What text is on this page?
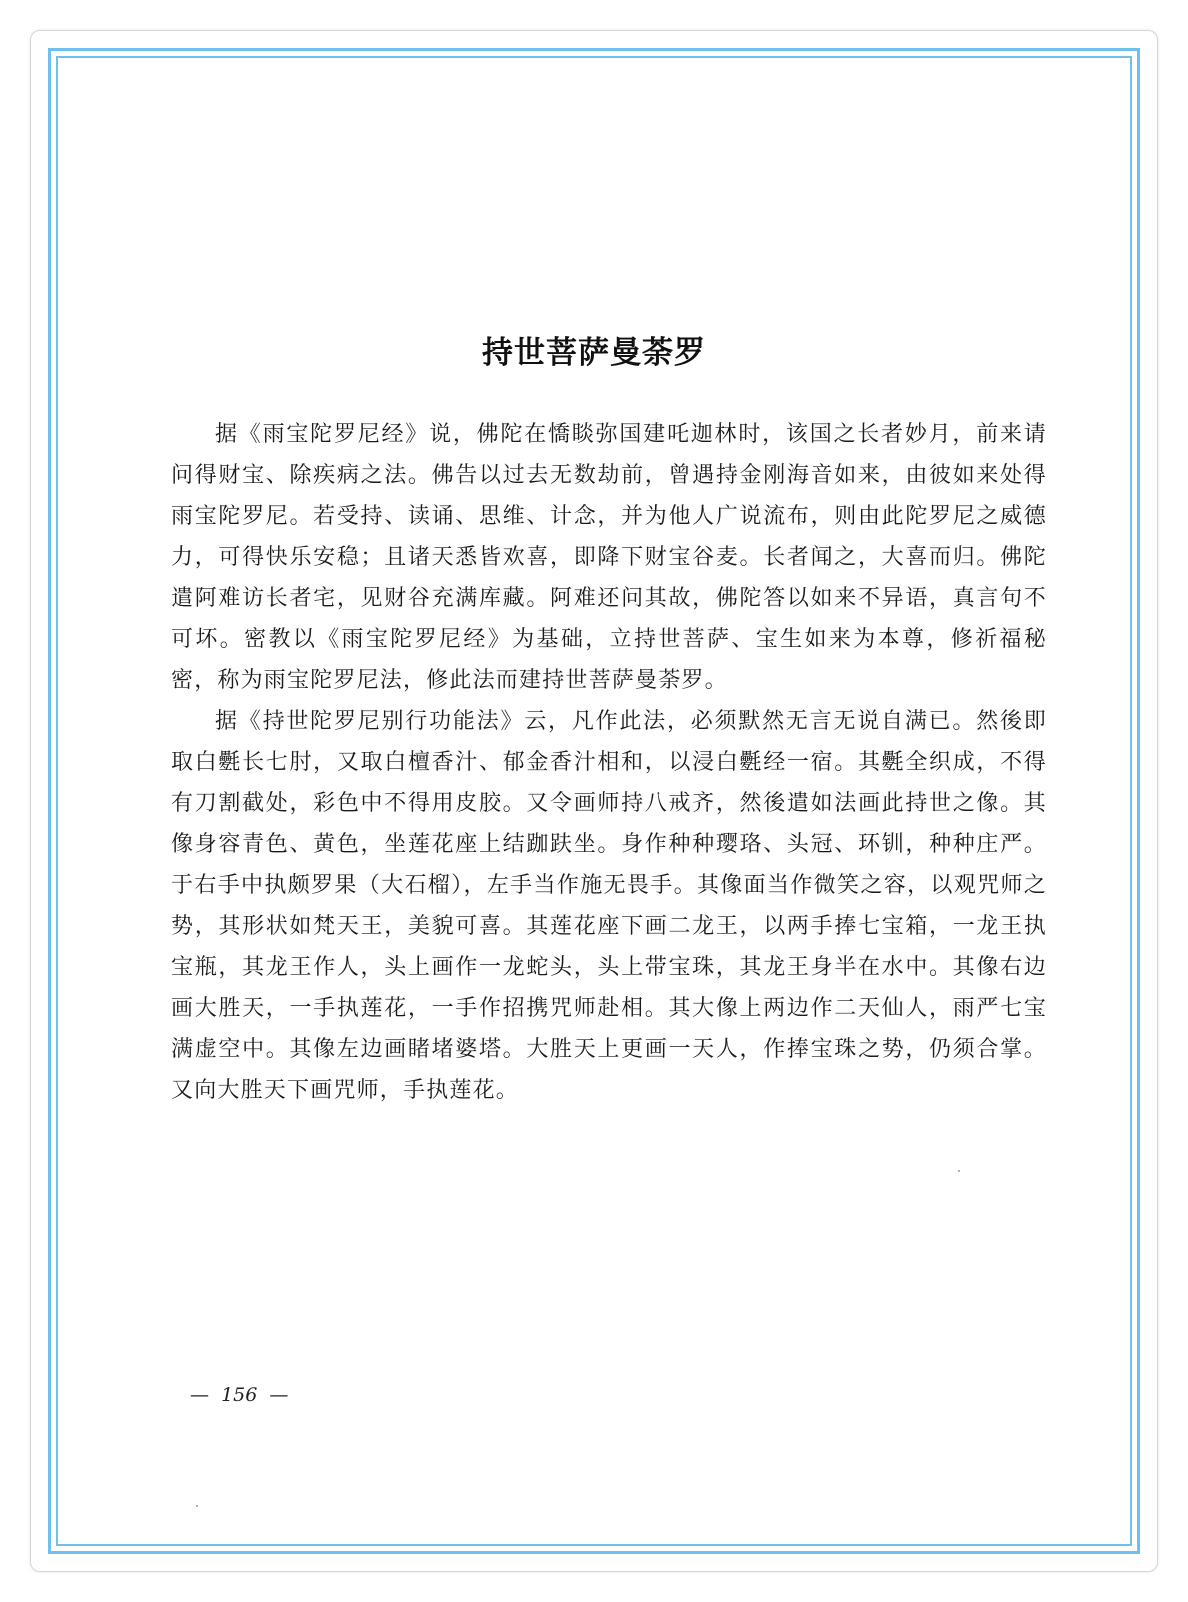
持世菩萨曼荼罗

据《雨宝陀罗尼经》说，佛陀在憍睒弥国建吒迦林时，该国之长者妙月，前来请问得财宝、除疾病之法。佛告以过去无数劫前，曾遇持金刚海音如来，由彼如来处得雨宝陀罗尼。若受持、读诵、思维、计念，并为他人广说流布，则由此陀罗尼之威德力，可得快乐安稳；且诸天悉皆欢喜，即降下财宝谷麦。长者闻之，大喜而归。佛陀遣阿难访长者宅，见财谷充满库藏。阿难还问其故，佛陀答以如来不异语，真言句不可坏。密教以《雨宝陀罗尼经》为基础，立持世菩萨、宝生如来为本尊，修祈福秘密，称为雨宝陀罗尼法，修此法而建持世菩萨曼荼罗。

据《持世陀罗尼别行功能法》云，凡作此法，必须默然无言无说自满已。然後即取白氎长七肘，又取白檀香汁、郁金香汁相和，以浸白氎经一宿。其氎全织成，不得有刀割截处，彩色中不得用皮胶。又令画师持八戒齐，然後遣如法画此持世之像。其像身容青色、黄色，坐莲花座上结跏趺坐。身作种种璎珞、头冠、环钏，种种庄严。于右手中执颇罗果（大石榴），左手当作施无畏手。其像面当作微笑之容，以观咒师之势，其形状如梵天王，美貌可喜。其莲花座下画二龙王，以两手捧七宝箱，一龙王执宝瓶，其龙王作人，头上画作一龙蛇头，头上带宝珠，其龙王身半在水中。其像右边画大胜天，一手执莲花，一手作招携咒师赴相。其大像上两边作二天仙人，雨严七宝满虚空中。其像左边画睹堵婆塔。大胜天上更画一天人，作捧宝珠之势，仍须合掌。又向大胜天下画咒师，手执莲花。

—  156  —
